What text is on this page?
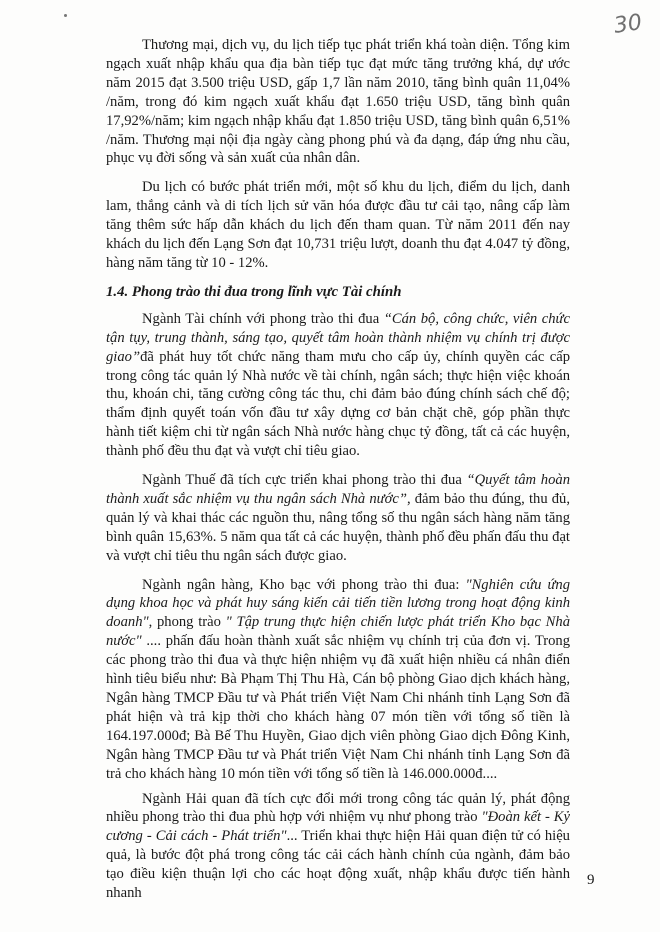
30

Thương mại, dịch vụ, du lịch tiếp tục phát triển khá toàn diện. Tổng kim ngạch xuất nhập khẩu qua địa bàn tiếp tục đạt mức tăng trưởng khá, dự ước năm 2015 đạt 3.500 triệu USD, gấp 1,7 lần năm 2010, tăng bình quân 11,04% /năm, trong đó kim ngạch xuất khẩu đạt 1.650 triệu USD, tăng bình quân 17,92%/năm; kim ngạch nhập khẩu đạt 1.850 triệu USD, tăng bình quân 6,51% /năm. Thương mại nội địa ngày càng phong phú và đa dạng, đáp ứng nhu cầu, phục vụ đời sống và sản xuất của nhân dân.

Du lịch có bước phát triển mới, một số khu du lịch, điểm du lịch, danh lam, thắng cảnh và di tích lịch sử văn hóa được đầu tư cải tạo, nâng cấp làm tăng thêm sức hấp dẫn khách du lịch đến tham quan. Từ năm 2011 đến nay khách du lịch đến Lạng Sơn đạt 10,731 triệu lượt, doanh thu đạt 4.047 tỷ đồng, hàng năm tăng từ 10 - 12%.

1.4. Phong trào thi đua trong lĩnh vực Tài chính

Ngành Tài chính với phong trào thi đua “Cán bộ, công chức, viên chức tận tụy, trung thành, sáng tạo, quyết tâm hoàn thành nhiệm vụ chính trị được giao”đã phát huy tốt chức năng tham mưu cho cấp ủy, chính quyền các cấp trong công tác quản lý Nhà nước về tài chính, ngân sách; thực hiện việc khoán thu, khoán chi, tăng cường công tác thu, chi đảm bảo đúng chính sách chế độ; thẩm định quyết toán vốn đầu tư xây dựng cơ bản chặt chẽ, góp phần thực hành tiết kiệm chi từ ngân sách Nhà nước hàng chục tỷ đồng, tất cả các huyện, thành phố đều thu đạt và vượt chỉ tiêu giao.

Ngành Thuế đã tích cực triển khai phong trào thi đua “Quyết tâm hoàn thành xuất sắc nhiệm vụ thu ngân sách Nhà nước”, đảm bảo thu đúng, thu đủ, quản lý và khai thác các nguồn thu, nâng tổng số thu ngân sách hàng năm tăng bình quân 15,63%. 5 năm qua tất cả các huyện, thành phố đều phấn đấu thu đạt và vượt chỉ tiêu thu ngân sách được giao.

Ngành ngân hàng, Kho bạc với phong trào thi đua: "Nghiên cứu ứng dụng khoa học và phát huy sáng kiến cải tiến tiền lương trong hoạt động kinh doanh", phong trào " Tập trung thực hiện chiến lược phát triển Kho bạc Nhà nước" .... phấn đấu hoàn thành xuất sắc nhiệm vụ chính trị của đơn vị. Trong các phong trào thi đua và thực hiện nhiệm vụ đã xuất hiện nhiều cá nhân điển hình tiêu biểu như: Bà Phạm Thị Thu Hà, Cán bộ phòng Giao dịch khách hàng, Ngân hàng TMCP Đầu tư và Phát triển Việt Nam Chi nhánh tỉnh Lạng Sơn đã phát hiện và trả kịp thời cho khách hàng 07 món tiền với tổng số tiền là 164.197.000đ; Bà Bế Thu Huyền, Giao dịch viên phòng Giao dịch Đông Kinh, Ngân hàng TMCP Đầu tư và Phát triển Việt Nam Chi nhánh tỉnh Lạng Sơn đã trả cho khách hàng 10 món tiền với tổng số tiền là 146.000.000đ....

Ngành Hải quan đã tích cực đổi mới trong công tác quản lý, phát động nhiều phong trào thi đua phù hợp với nhiệm vụ như phong trào "Đoàn kết - Kỷ cương - Cải cách - Phát triển"... Triển khai thực hiện Hải quan điện tử có hiệu quả, là bước đột phá trong công tác cải cách hành chính của ngành, đảm bảo tạo điều kiện thuận lợi cho các hoạt động xuất, nhập khẩu được tiến hành nhanh

9
